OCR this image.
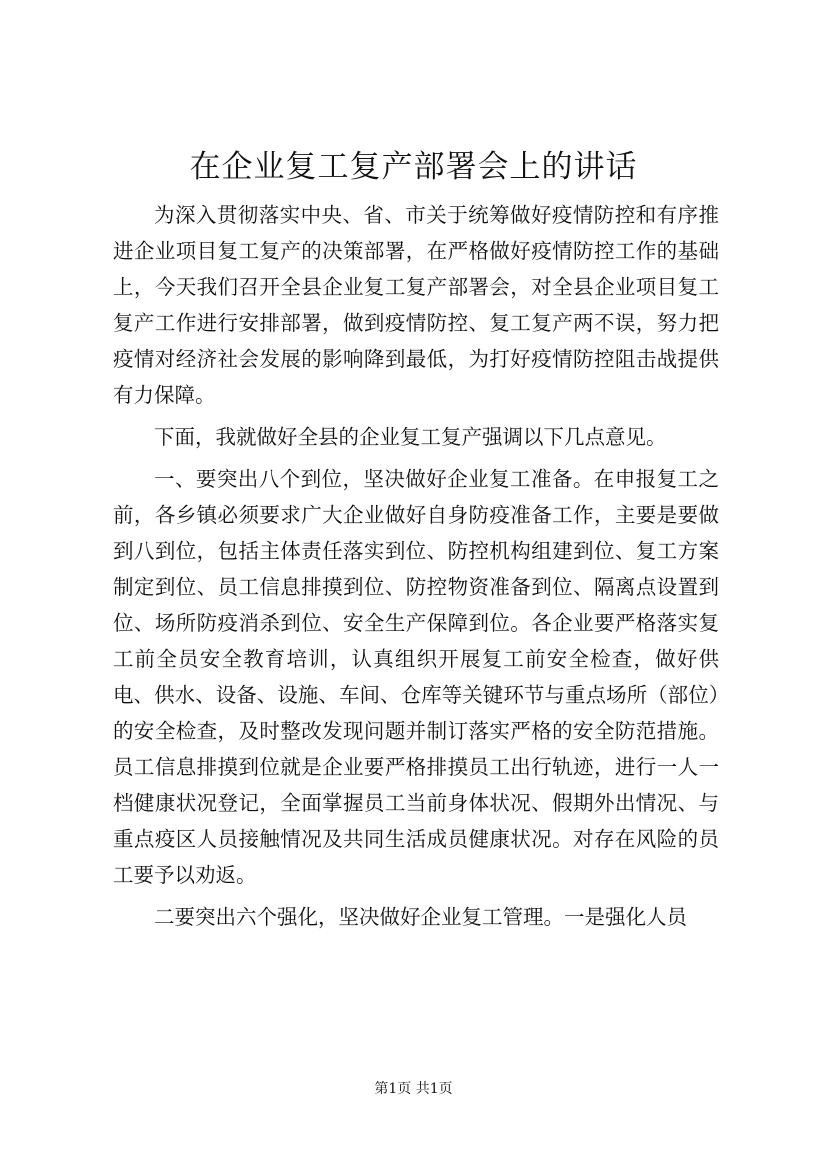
在企业复工复产部署会上的讲话

为深入贯彻落实中央、省、市关于统筹做好疫情防控和有序推进企业项目复工复产的决策部署，在严格做好疫情防控工作的基础上，今天我们召开全县企业复工复产部署会，对全县企业项目复工复产工作进行安排部署，做到疫情防控、复工复产两不误，努力把疫情对经济社会发展的影响降到最低，为打好疫情防控阻击战提供有力保障。

下面，我就做好全县的企业复工复产强调以下几点意见。

一、要突出八个到位，坚决做好企业复工准备。在申报复工之前，各乡镇必须要求广大企业做好自身防疫准备工作，主要是要做到八到位，包括主体责任落实到位、防控机构组建到位、复工方案制定到位、员工信息排摸到位、防控物资准备到位、隔离点设置到位、场所防疫消杀到位、安全生产保障到位。各企业要严格落实复工前全员安全教育培训，认真组织开展复工前安全检查，做好供电、供水、设备、设施、车间、仓库等关键环节与重点场所（部位）的安全检查，及时整改发现问题并制订落实严格的安全防范措施。员工信息排摸到位就是企业要严格排摸员工出行轨迹，进行一人一档健康状况登记，全面掌握员工当前身体状况、假期外出情况、与重点疫区人员接触情况及共同生活成员健康状况。对存在风险的员工要予以劝返。

二要突出六个强化，坚决做好企业复工管理。一是强化人员

第1页 共1页
